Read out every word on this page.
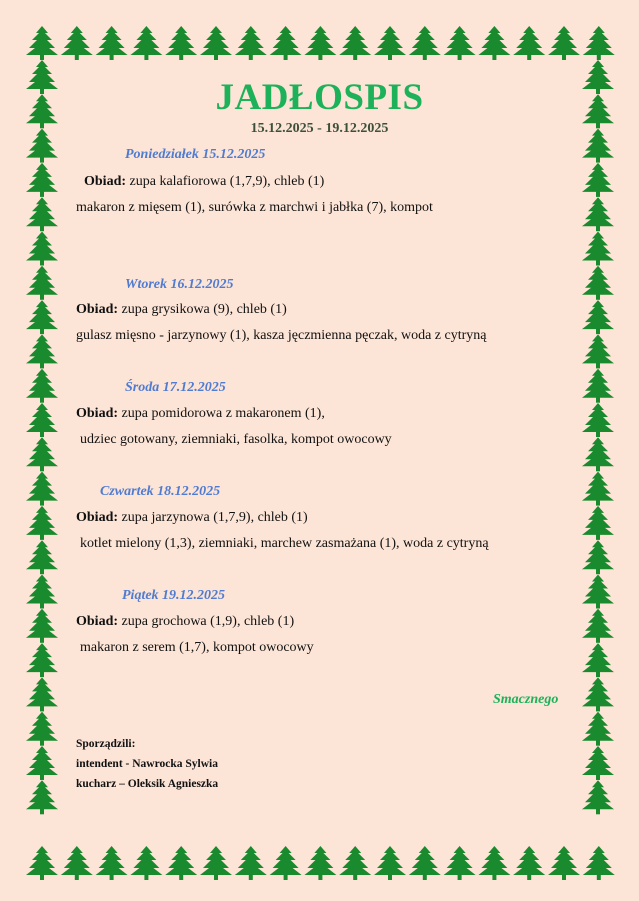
JADŁOSPIS
15.12.2025 - 19.12.2025
Poniedziałek 15.12.2025
Obiad: zupa kalafiorowa (1,7,9), chleb (1)
makaron z mięsem (1), surówka z marchwi i jabłka (7), kompot
Wtorek 16.12.2025
Obiad: zupa grysikowa (9), chleb (1)
gulasz mięsno - jarzynowy (1), kasza jęczmienna pęczak, woda z cytryną
Środa 17.12.2025
Obiad: zupa pomidorowa z makaronem (1),
udziec gotowany, ziemniaki, fasolka, kompot owocowy
Czwartek 18.12.2025
Obiad: zupa jarzynowa (1,7,9), chleb (1)
kotlet mielony (1,3), ziemniaki, marchew zasmażana (1), woda z cytryną
Piątek 19.12.2025
Obiad: zupa grochowa (1,9), chleb (1)
makaron z serem (1,7), kompot owocowy
Smacznego
Sporządzili:
intendent - Nawrocka Sylwia
kucharz – Oleksik Agnieszka
